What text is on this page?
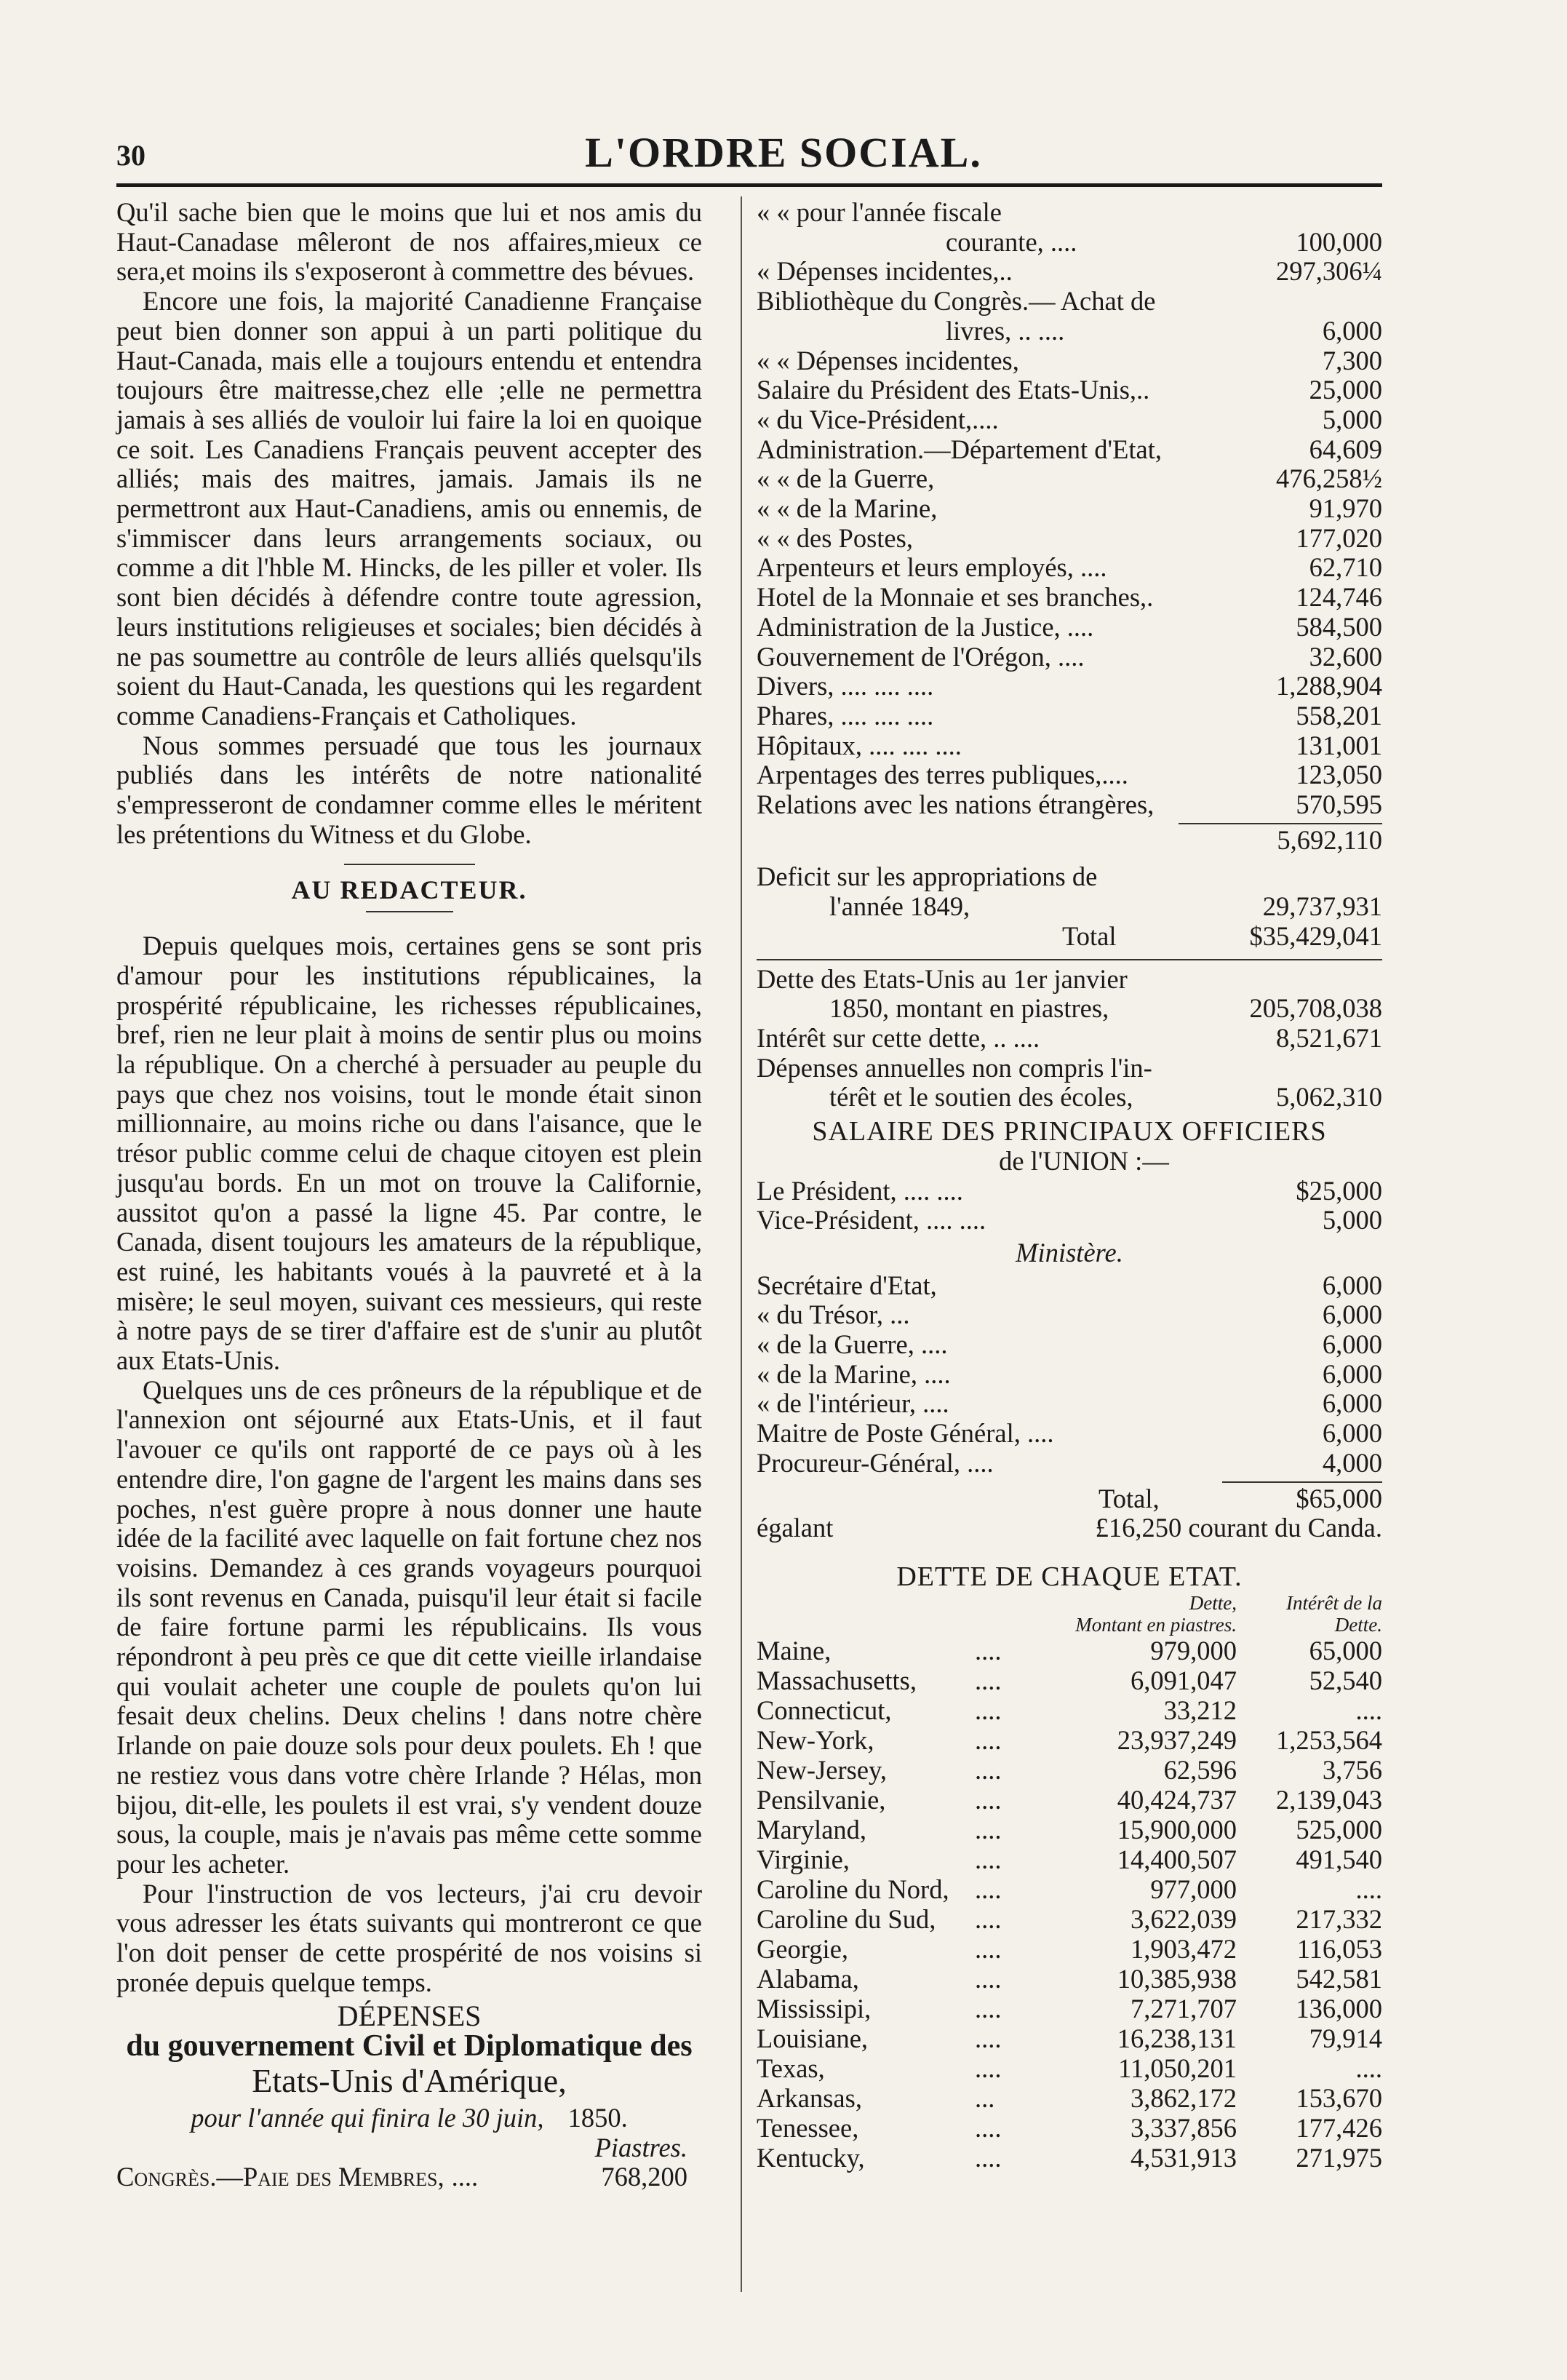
30	L'ORDRE SOCIAL.

Qu'il sache bien que le moins que lui et nos amis du Haut-Canadase mêleront de nos affaires,mieux ce sera,et moins ils s'exposeront à commettre des bévues.

Encore une fois, la majorité Canadienne Française peut bien donner son appui à un parti politique du Haut-Canada, mais elle a toujours entendu et entendra toujours être maitresse,chez elle ;elle ne permettra jamais à ses alliés de vouloir lui faire la loi en quoique ce soit. Les Canadiens Français peuvent accepter des alliés; mais des maitres, jamais. Jamais ils ne permettront aux Haut-Canadiens, amis ou ennemis, de s'immiscer dans leurs arrangements sociaux, ou comme a dit l'hble M. Hincks, de les piller et voler. Ils sont bien décidés à défendre contre toute agression, leurs institutions religieuses et sociales; bien décidés à ne pas soumettre au contrôle de leurs alliés quelsqu'ils soient du Haut-Canada, les questions qui les regardent comme Canadiens-Français et Catholiques.

Nous sommes persuadé que tous les journaux publiés dans les intérêts de notre nationalité s'empresseront de condamner comme elles le méritent les prétentions du Witness et du Globe.

AU REDACTEUR.

Depuis quelques mois, certaines gens se sont pris d'amour pour les institutions républicaines, la prospérité républicaine, les richesses républicaines, bref, rien ne leur plait à moins de sentir plus ou moins la république. On a cherché à persuader au peuple du pays que chez nos voisins, tout le monde était sinon millionnaire, au moins riche ou dans l'aisance, que le trésor public comme celui de chaque citoyen est plein jusqu'au bords. En un mot on trouve la Californie, aussitot qu'on a passé la ligne 45. Par contre, le Canada, disent toujours les amateurs de la république, est ruiné, les habitants voués à la pauvreté et à la misère; le seul moyen, suivant ces messieurs, qui reste à notre pays de se tirer d'affaire est de s'unir au plutôt aux Etats-Unis.

Quelques uns de ces prôneurs de la république et de l'annexion ont séjourné aux Etats-Unis, et il faut l'avouer ce qu'ils ont rapporté de ce pays où à les entendre dire, l'on gagne de l'argent les mains dans ses poches, n'est guère propre à nous donner une haute idée de la facilité avec laquelle on fait fortune chez nos voisins. Demandez à ces grands voyageurs pourquoi ils sont revenus en Canada, puisqu'il leur était si facile de faire fortune parmi les républicains. Ils vous répondront à peu près ce que dit cette vieille irlandaise qui voulait acheter une couple de poulets qu'on lui fesait deux chelins. Deux chelins ! dans notre chère Irlande on paie douze sols pour deux poulets. Eh ! que ne restiez vous dans votre chère Irlande ? Hélas, mon bijou, dit-elle, les poulets il est vrai, s'y vendent douze sous, la couple, mais je n'avais pas même cette somme pour les acheter.

Pour l'instruction de vos lecteurs, j'ai cru devoir vous adresser les états suivants qui montreront ce que l'on doit penser de cette prospérité de nos voisins si pronée depuis quelque temps.

DÉPENSES
du gouvernement Civil et Diplomatique des
Etats-Unis d'Amérique,
pour l'année qui finira le 30 juin, 1850.
Piastres.
Congrès.—Paie des Membres, ....	768,200
« « pour l'année fiscale
courante, ....	100,000
« Dépenses incidentes,..	297,306¼
Bibliothèque du Congrès.— Achat de
livres, .. ....	6,000
« « Dépenses incidentes,	7,300
Salaire du Président des Etats-Unis,..	25,000
« du Vice-Président,....	5,000
Administration.—Département d'Etat,	64,609
« « de la Guerre,	476,258½
« « de la Marine,	91,970
« « des Postes,	177,020
Arpenteurs et leurs employés, ....	62,710
Hotel de la Monnaie et ses branches,.	124,746
Administration de la Justice, ....	584,500
Gouvernement de l'Orégon, ....	32,600
Divers, .... .... ....	1,288,904
Phares, .... .... ....	558,201
Hôpitaux, .... .... ....	131,001
Arpentages des terres publiques,....	123,050
Relations avec les nations étrangères,	570,595
5,692,110
Deficit sur les appropriations de
l'année 1849,	29,737,931
Total	$35,429,041
Dette des Etats-Unis au 1er janvier
1850, montant en piastres,	205,708,038
Intérêt sur cette dette, .. ....	8,521,671
Dépenses annuelles non compris l'in-
térêt et le soutien des écoles,	5,062,310
SALAIRE DES PRINCIPAUX OFFICIERS
de l'UNION :—
Le Président, .... ....	$25,000
Vice-Président, .... ....	5,000
Ministère.
Secrétaire d'Etat,	6,000
« du Trésor, ...	6,000
« de la Guerre, ....	6,000
« de la Marine, ....	6,000
« de l'intérieur, ....	6,000
Maitre de Poste Général, ....	6,000
Procureur-Général, ....	4,000
Total,	$65,000
égalant	£16,250 courant du Canda.
DETTE DE CHAQUE ETAT.
Dette,	Intérêt de la
Montant en piastres.	Dette.
Maine,	....	979,000	65,000
Massachusetts,	....	6,091,047	52,540
Connecticut,	....	33,212	....
New-York,	....	23,937,249	1,253,564
New-Jersey,	....	62,596	3,756
Pensilvanie,	....	40,424,737	2,139,043
Maryland,	....	15,900,000	525,000
Virginie,	....	14,400,507	491,540
Caroline du Nord, ....	977,000	....
Caroline du Sud,	....	3,622,039	217,332
Georgie,	....	1,903,472	116,053
Alabama,	....	10,385,938	542,581
Mississipi,	....	7,271,707	136,000
Louisiane,	....	16,238,131	79,914
Texas,	....	11,050,201	....
Arkansas,	...	3,862,172	153,670
Tenessee,	....	3,337,856	177,426
Kentucky,	....	4,531,913	271,975
